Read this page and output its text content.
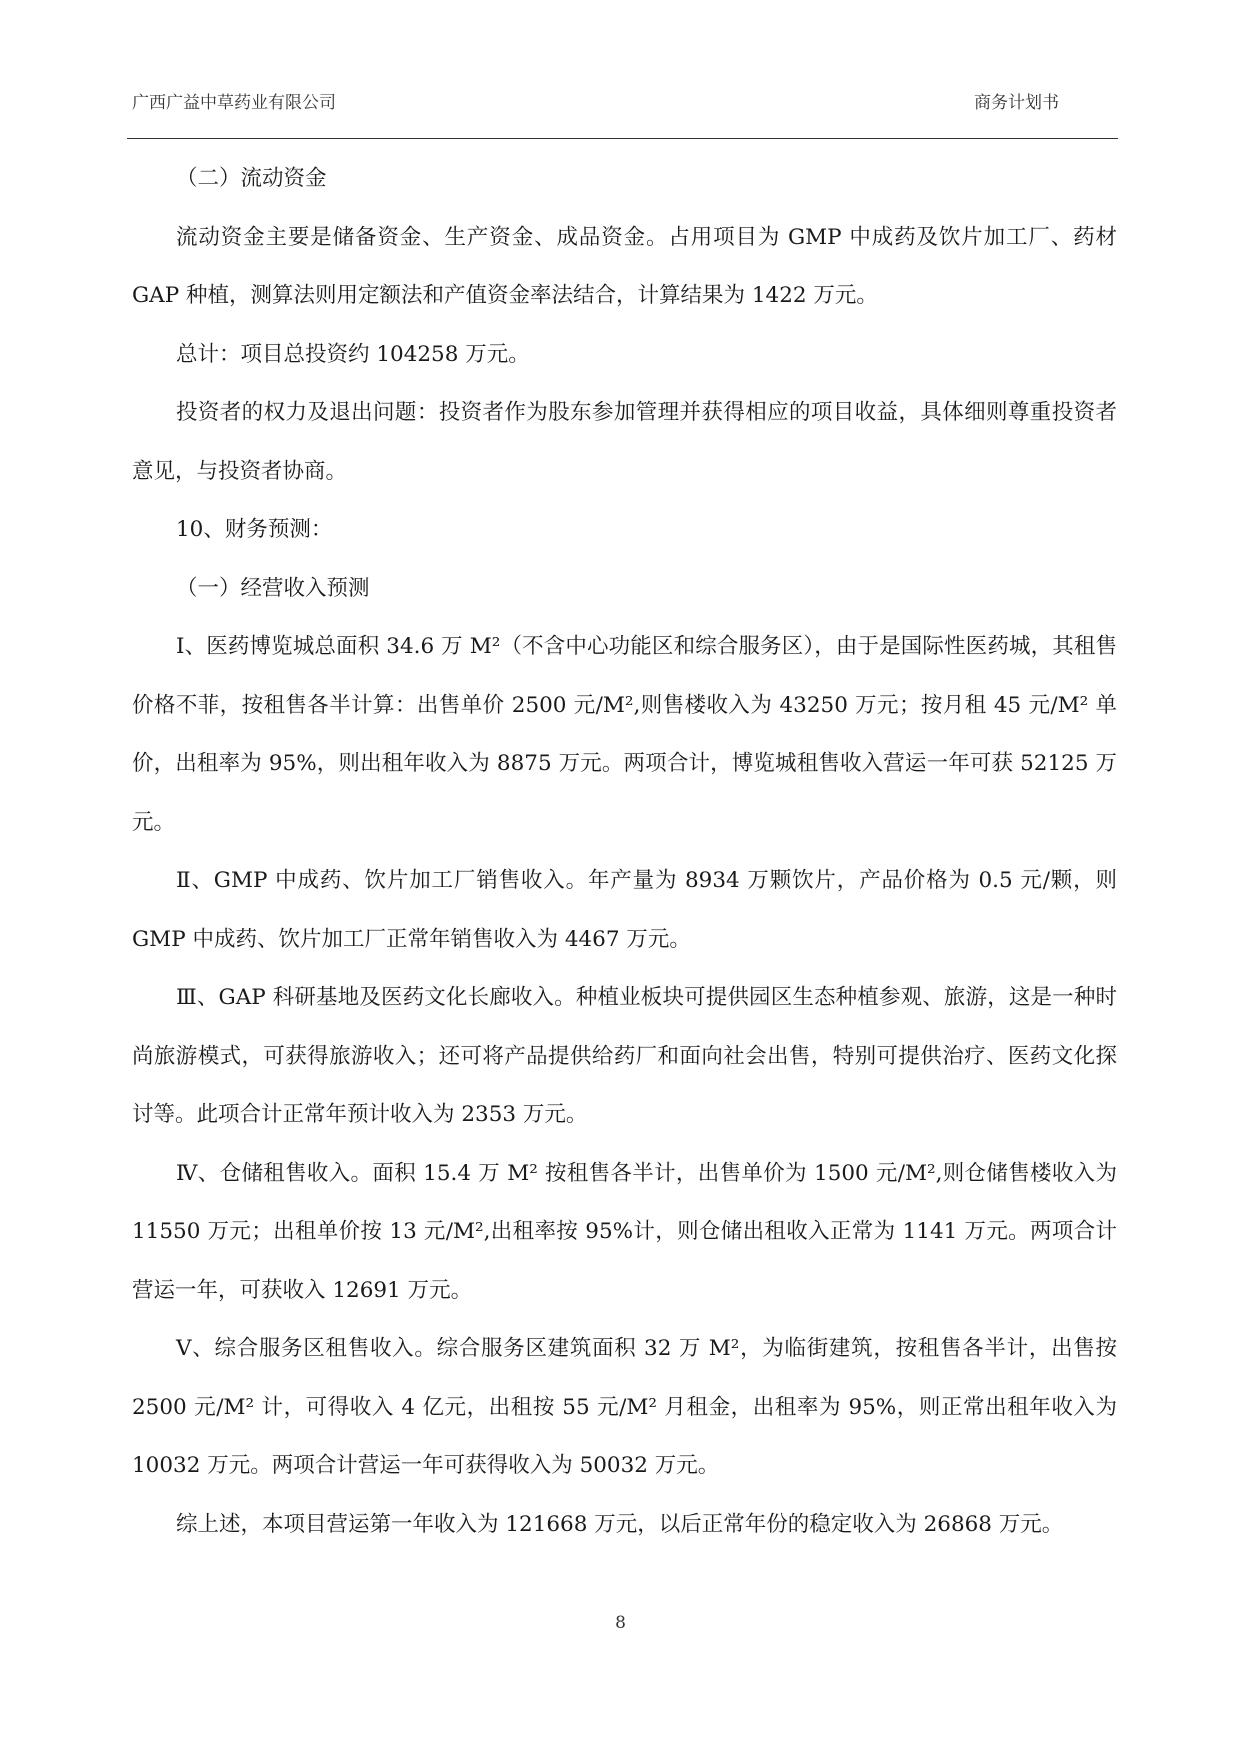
广西广益中草药业有限公司	商务计划书

（二）流动资金

流动资金主要是储备资金、生产资金、成品资金。占用项目为 GMP 中成药及饮片加工厂、药材 GAP 种植，测算法则用定额法和产值资金率法结合，计算结果为 1422 万元。

总计：项目总投资约 104258 万元。

投资者的权力及退出问题：投资者作为股东参加管理并获得相应的项目收益，具体细则尊重投资者意见，与投资者协商。

10、财务预测：

（一）经营收入预测

Ⅰ、医药博览城总面积 34.6 万 M²（不含中心功能区和综合服务区），由于是国际性医药城，其租售价格不菲，按租售各半计算：出售单价 2500 元/M²,则售楼收入为 43250 万元；按月租 45 元/M² 单价，出租率为 95%，则出租年收入为 8875 万元。两项合计，博览城租售收入营运一年可获 52125 万元。

Ⅱ、GMP 中成药、饮片加工厂销售收入。年产量为 8934 万颗饮片，产品价格为 0.5 元/颗，则 GMP 中成药、饮片加工厂正常年销售收入为 4467 万元。

Ⅲ、GAP 科研基地及医药文化长廊收入。种植业板块可提供园区生态种植参观、旅游，这是一种时尚旅游模式，可获得旅游收入；还可将产品提供给药厂和面向社会出售，特别可提供治疗、医药文化探讨等。此项合计正常年预计收入为 2353 万元。

Ⅳ、仓储租售收入。面积 15.4 万 M² 按租售各半计，出售单价为 1500 元/M²,则仓储售楼收入为 11550 万元；出租单价按 13 元/M²,出租率按 95%计，则仓储出租收入正常为 1141 万元。两项合计营运一年，可获收入 12691 万元。

Ⅴ、综合服务区租售收入。综合服务区建筑面积 32 万 M²，为临街建筑，按租售各半计，出售按 2500 元/M² 计，可得收入 4 亿元，出租按 55 元/M² 月租金，出租率为 95%，则正常出租年收入为 10032 万元。两项合计营运一年可获得收入为 50032 万元。

综上述，本项目营运第一年收入为 121668 万元，以后正常年份的稳定收入为 26868 万元。

8
